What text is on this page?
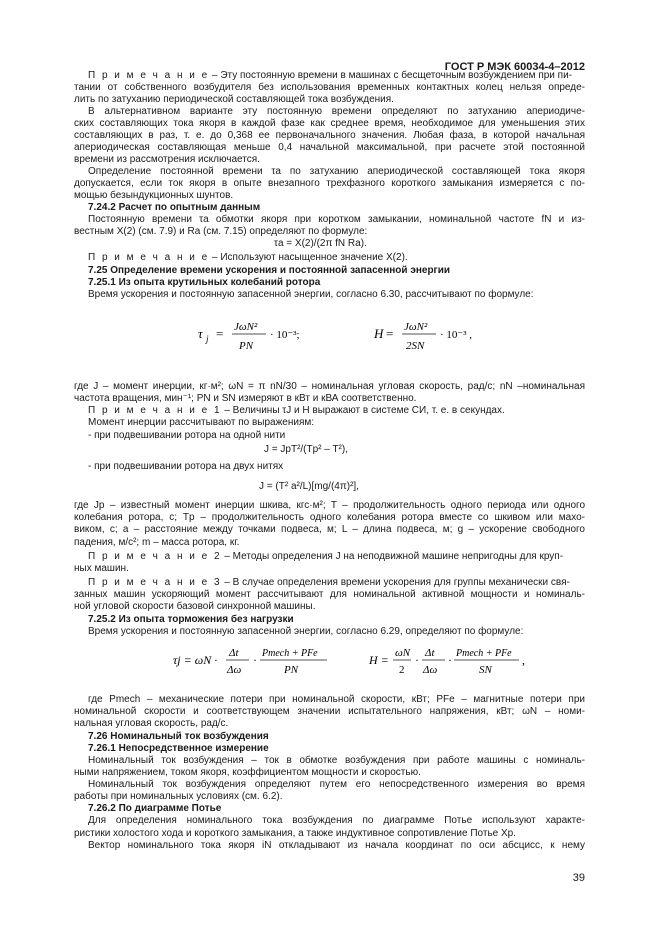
ГОСТ Р МЭК 60034-4–2012
П р и м е ч а н и е – Эту постоянную времени в машинах с бесщеточным возбуждением при пи-
тании от собственного возбудителя без использования временных контактных колец нельзя опреде-
лить по затуханию периодической составляющей тока возбуждения.
В альтернативном варианте эту постоянную времени определяют по затуханию апериодиче-
ских составляющих тока якоря в каждой фазе как среднее время, необходимое для уменьшения этих
составляющих в раз, т. е. до 0,368 ее первоначального значения. Любая фаза, в которой начальная
апериодическая составляющая меньше 0,4 начальной максимальной, при расчете этой постоянной
времени из рассмотрения исключается.
Определение постоянной времени τa по затуханию апериодической составляющей тока якоря
допускается, если ток якоря в опыте внезапного трехфазного короткого замыкания измеряется с по-
мощью безындукционных шунтов.
7.24.2 Расчет по опытным данным
Постоянную времени τa обмотки якоря при коротком замыкании, номинальной частоте fN и из-
вестным X(2) (см. 7.9) и Ra (см. 7.15) определяют по формуле:
τa = X(2)/(2π fN Ra).
П р и м е ч а н и е – Используют насыщенное значение X(2).
7.25 Определение времени ускорения и постоянной запасенной энергии
7.25.1 Из опыта крутильных колебаний ротора
Время ускорения и постоянную запасенной энергии, согласно 6.30, рассчитывают по формуле:
τ j = JωN²
PN
· 10⁻³;	H = JωN²
2SN
· 10⁻³ ,
где J – момент инерции, кг·м²; ωN = π nN/30 – номинальная угловая скорость, рад/с; nN –номинальная
частота вращения, мин⁻¹; PN и SN измеряют в кВт и кВА соответственно.
П р и м е ч а н и е 1 – Величины τJ и H выражают в системе СИ, т. е. в секундах.
Момент инерции рассчитывают по выражениям:
- при подвешивании ротора на одной нити
J = JpT²/(Tp² – T²),
- при подвешивании ротора на двух нитях
J = (T² a²/L)[mg/(4π)²],
где Jp – известный момент инерции шкива, кгс·м²; T – продолжительность одного периода или одного
колебания ротора, с; Tp – продолжительность одного колебания ротора вместе со шкивом или махо-
виком, с; a – расстояние между точками подвеса, м; L – длина подвеса, м; g – ускорение свободного
падения, м/с²; m – масса ротора, кг.
П р и м е ч а н и е 2 – Методы определения J на неподвижной машине непригодны для круп-
ных машин.
П р и м е ч а н и е 3 – В случае определения времени ускорения для группы механически свя-
занных машин ускоряющий момент рассчитывают для номинальной активной мощности и номиналь-
ной угловой скорости базовой синхронной машины.
7.25.2 Из опыта торможения без нагрузки
Время ускорения и постоянную запасенной энергии, согласно 6.29, определяют по формуле:
τj = ωN · Δt
Δω
· Pmech + PFe
PN
H = ωN
2
· Δt
Δω
· Pmech + PFe
SN
,
где Pmech – механические потери при номинальной скорости, кВт; PFe – магнитные потери при
номинальной скорости и соответствующем значении испытательного напряжения, кВт; ωN – номи-
нальная угловая скорость, рад/с.
7.26 Номинальный ток возбуждения
7.26.1 Непосредственное измерение
Номинальный ток возбуждения – ток в обмотке возбуждения при работе машины с номиналь-
ными напряжением, током якоря, коэффициентом мощности и скоростью.
Номинальный ток возбуждения определяют путем его непосредственного измерения во время
работы при номинальных условиях (см. 6.2).
7.26.2 По диаграмме Потье
Для определения номинального тока возбуждения по диаграмме Потье используют характе-
ристики холостого хода и короткого замыкания, а также индуктивное сопротивление Потье Xp.
Вектор номинального тока якоря iN откладывают из начала координат по оси абсцисс, к нему
39
